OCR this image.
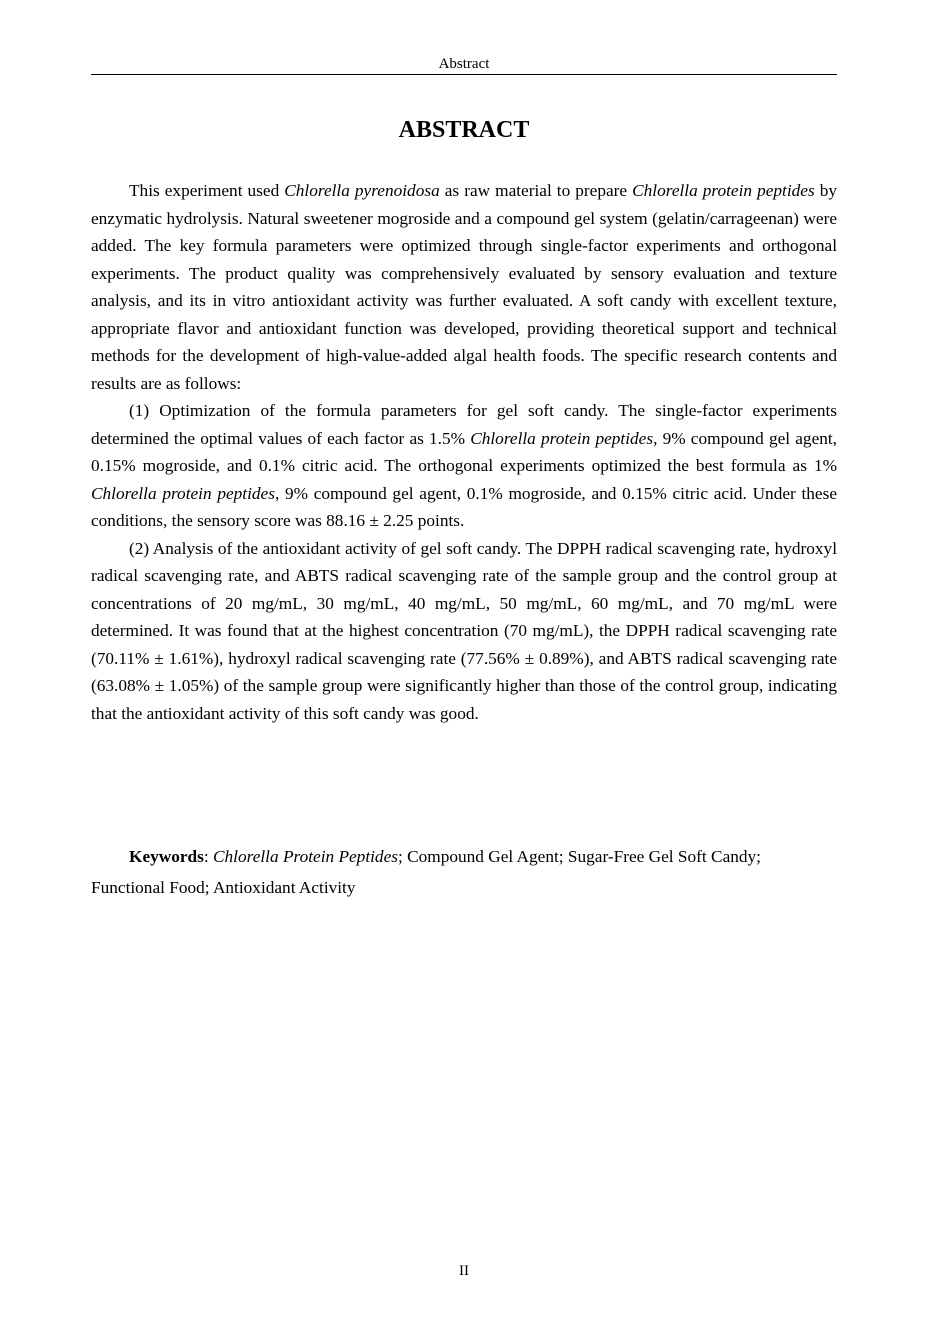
Abstract
ABSTRACT

This experiment used Chlorella pyrenoidosa as raw material to prepare Chlorella protein peptides by enzymatic hydrolysis. Natural sweetener mogroside and a compound gel system (gelatin/carrageenan) were added. The key formula parameters were optimized through single-factor experiments and orthogonal experiments. The product quality was comprehensively evaluated by sensory evaluation and texture analysis, and its in vitro antioxidant activity was further evaluated. A soft candy with excellent texture, appropriate flavor and antioxidant function was developed, providing theoretical support and technical methods for the development of high-value-added algal health foods. The specific research contents and results are as follows:

(1) Optimization of the formula parameters for gel soft candy. The single-factor experiments determined the optimal values of each factor as 1.5% Chlorella protein peptides, 9% compound gel agent, 0.15% mogroside, and 0.1% citric acid. The orthogonal experiments optimized the best formula as 1% Chlorella protein peptides, 9% compound gel agent, 0.1% mogroside, and 0.15% citric acid. Under these conditions, the sensory score was 88.16 ± 2.25 points.

(2) Analysis of the antioxidant activity of gel soft candy. The DPPH radical scavenging rate, hydroxyl radical scavenging rate, and ABTS radical scavenging rate of the sample group and the control group at concentrations of 20 mg/mL, 30 mg/mL, 40 mg/mL, 50 mg/mL, 60 mg/mL, and 70 mg/mL were determined. It was found that at the highest concentration (70 mg/mL), the DPPH radical scavenging rate (70.11% ± 1.61%), hydroxyl radical scavenging rate (77.56% ± 0.89%), and ABTS radical scavenging rate (63.08% ± 1.05%) of the sample group were significantly higher than those of the control group, indicating that the antioxidant activity of this soft candy was good.

Keywords: Chlorella Protein Peptides; Compound Gel Agent; Sugar-Free Gel Soft Candy; Functional Food; Antioxidant Activity

II
